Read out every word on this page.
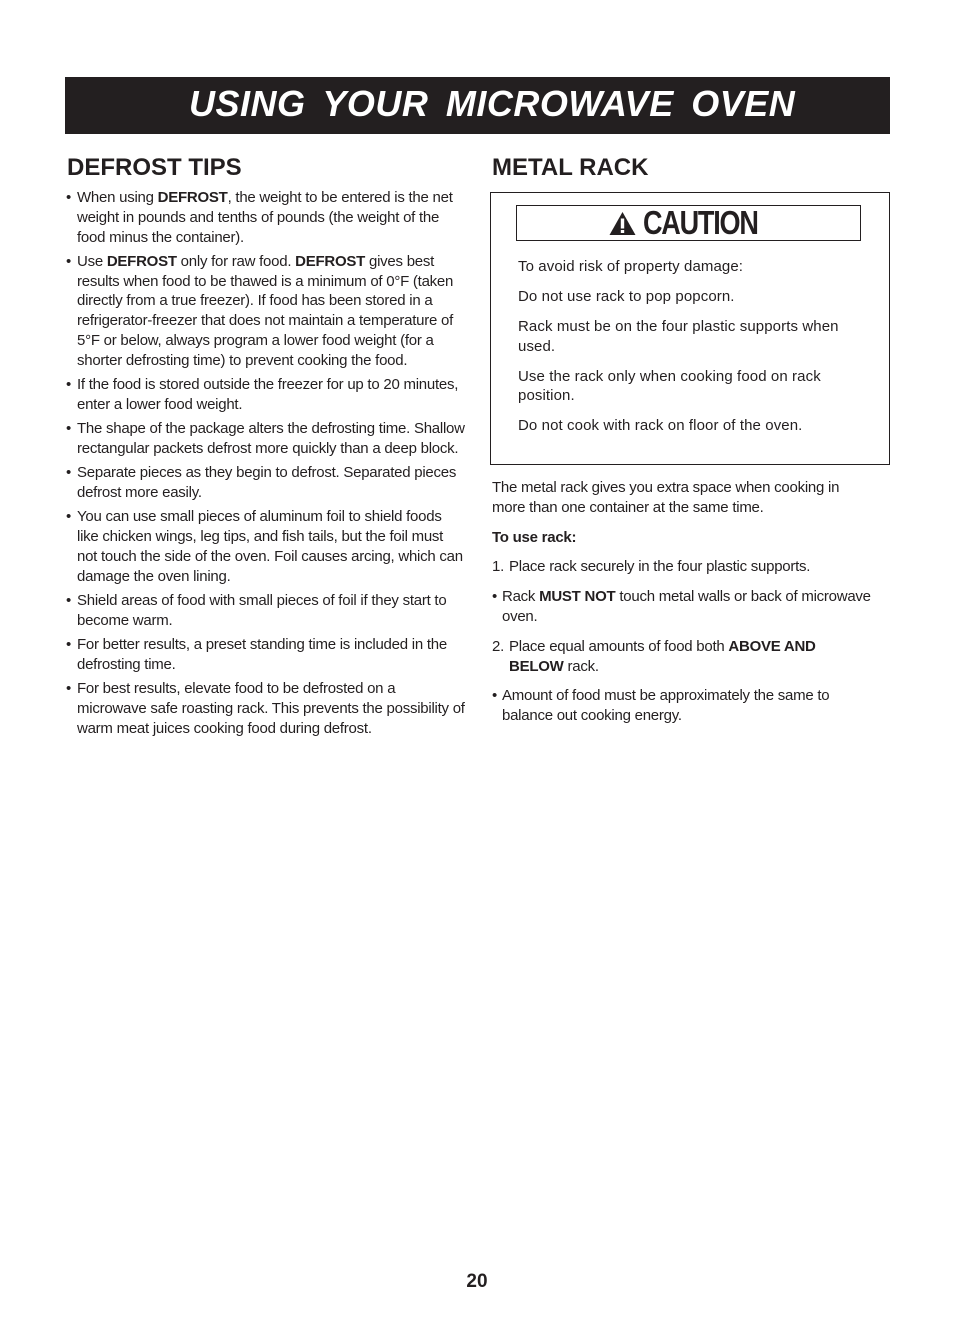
USING YOUR MICROWAVE OVEN
DEFROST TIPS
• When using DEFROST, the weight to be entered is the net weight in pounds and tenths of pounds (the weight of the food minus the container).
• Use DEFROST only for raw food. DEFROST gives best results when food to be thawed is a minimum of 0°F (taken directly from a true freezer). If food has been stored in a refrigerator-freezer that does not maintain a temperature of 5°F or below, always program a lower food weight (for a shorter defrosting time) to prevent cooking the food.
• If the food is stored outside the freezer for up to 20 minutes, enter a lower food weight.
• The shape of the package alters the defrosting time. Shallow rectangular packets defrost more quickly than a deep block.
• Separate pieces as they begin to defrost. Separated pieces defrost more easily.
• You can use small pieces of aluminum foil to shield foods like chicken wings, leg tips, and fish tails, but the foil must not touch the side of the oven. Foil causes arcing, which can damage the oven lining.
• Shield areas of food with small pieces of foil if they start to become warm.
• For better results, a preset standing time is included in the defrosting time.
• For best results, elevate food to be defrosted on a microwave safe roasting rack. This prevents the possibility of warm meat juices cooking food during defrost.
METAL RACK
CAUTION

To avoid risk of property damage:

Do not use rack to pop popcorn.

Rack must be on the four plastic supports when used.

Use the rack only when cooking food on rack position.

Do not cook with rack on floor of the oven.

The metal rack gives you extra space when cooking in more than one container at the same time.

To use rack:

1. Place rack securely in the four plastic supports.

• Rack MUST NOT touch metal walls or back of microwave oven.

2. Place equal amounts of food both ABOVE AND BELOW rack.

• Amount of food must be approximately the same to balance out cooking energy.

20
